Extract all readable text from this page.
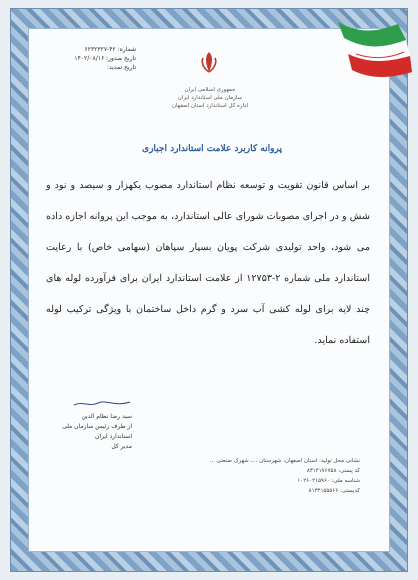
شماره: ۴۲-۶۲۳۲۳۲۷
تاریخ صدور: ۱۴۰۲/۰۸/۱۶
تاریخ تمدید:
جمهوری اسلامی ایران
سازمان ملی استاندارد ایران
اداره کل استاندارد استان اصفهان
پروانه کاربرد علامت استاندارد اجباری
بر اساس قانون تقویت و توسعه نظام استاندارد مصوب یکهزار و سیصد و نود و شش و در اجرای مصوبات شورای عالی استاندارد، به موجب این پروانه اجازه داده می شود، واحد تولیدی شرکت پویان بسپار سپاهان (سهامی خاص) با رعایت استاندارد ملی شماره ۲-۱۲۷۵۳ از علامت استاندارد ایران برای فرآورده لوله های چند لایه برای لوله کشی آب سرد و گرم داخل ساختمان با ویژگی ترکیب لوله استفاده نماید.
سید رضا نظام الدین
از طرف رئیس سازمان ملی استاندارد ایران
مدیر کل
نشانی محل تولید: استان اصفهان، شهرستان ...، شهرک صنعتی ...
کد پستی: ۸۳۱۴۱۷۶۷۵۸
شناسه ملی: ۱۰۲۶۰۲۱۵۹۶۰
کدپستی: ۸۱۳۴۱۵۵۵۶۶
